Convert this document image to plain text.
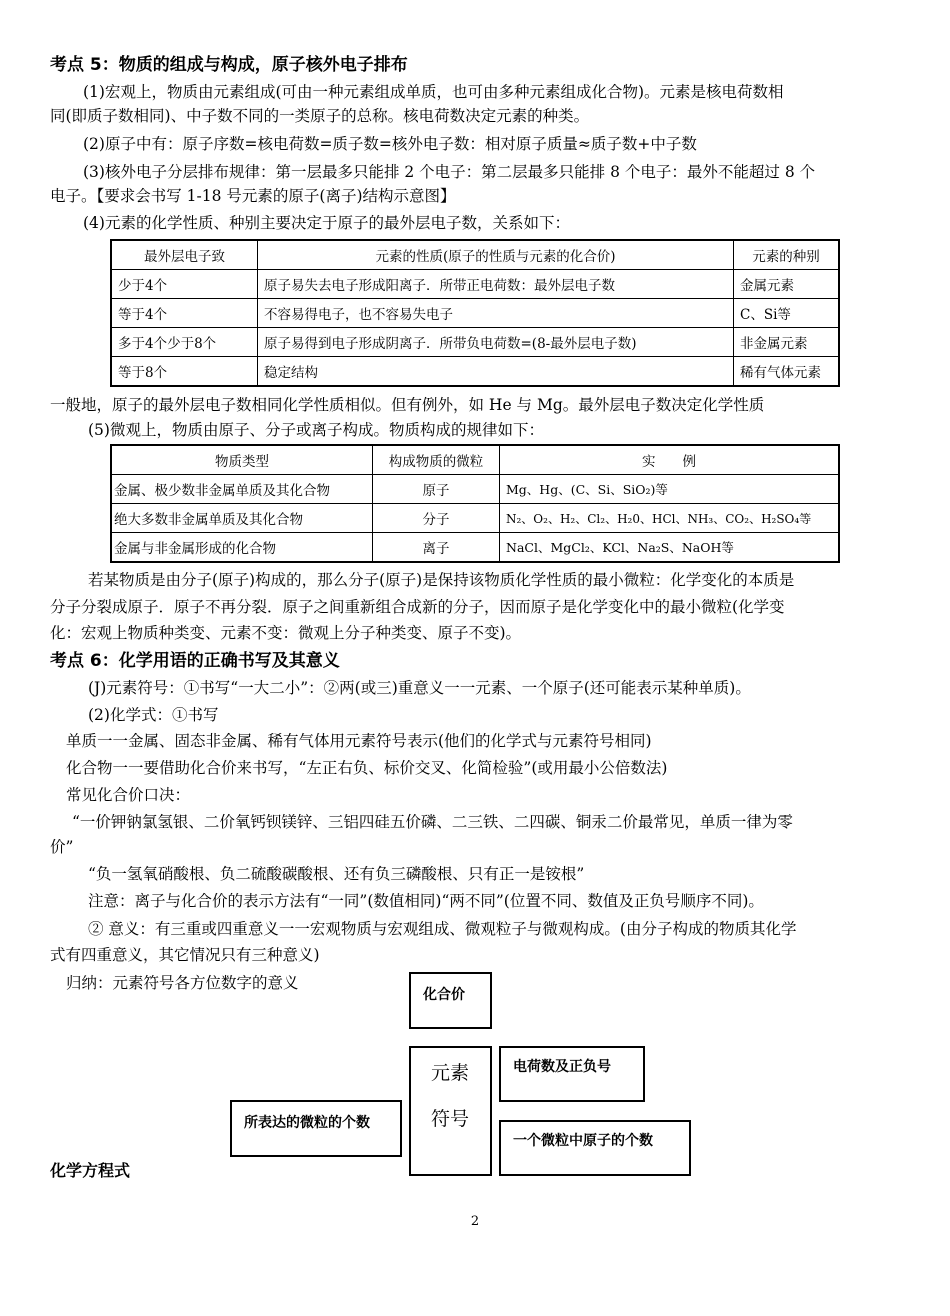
考点 5：物质的组成与构成，原子核外电子排布
(1)宏观上，物质由元素组成(可由一种元素组成单质，也可由多种元素组成化合物)。元素是核电荷数相
同(即质子数相同)、中子数不同的一类原子的总称。核电荷数决定元素的种类。
(2)原子中有：原子序数=核电荷数=质子数=核外电子数：相对原子质量≈质子数+中子数
(3)核外电子分层排布规律：第一层最多只能排 2 个电子：第二层最多只能排 8 个电子：最外不能超过 8 个
电子。【要求会书写 1-18 号元素的原子(离子)结构示意图】
(4)元素的化学性质、种别主要决定于原子的最外层电子数，关系如下：
最外层电子致	元素的性质(原子的性质与元素的化合价)	元素的种别
少于4个	原子易失去电子形成阳离子．所带正电荷数：最外层电子数	金属元素
等于4个	不容易得电子，也不容易失电子	C、Si等
多于4个少于8个	原子易得到电子形成阴离子．所带负电荷数=(8-最外层电子数)	非金属元素
等于8个	稳定结构	稀有气体元素
一般地，原子的最外层电子数相同化学性质相似。但有例外，如 He 与 Mg。最外层电子数决定化学性质
(5)微观上，物质由原子、分子或离子构成。物质构成的规律如下：
物质类型	构成物质的微粒	实　　例
金属、极少数非金属单质及其化合物	原子	Mg、Hg、(C、Si、SiO₂)等
绝大多数非金属单质及其化合物	分子	N₂、O₂、H₂、Cl₂、H₂0、HCl、NH₃、CO₂、H₂SO₄等
金属与非金属形成的化合物	离子	NaCl、MgCl₂、KCl、Na₂S、NaOH等
若某物质是由分子(原子)构成的，那么分子(原子)是保持该物质化学性质的最小微粒：化学变化的本质是
分子分裂成原子．原子不再分裂．原子之间重新组合成新的分子，因而原子是化学变化中的最小微粒(化学变
化：宏观上物质种类变、元素不变：微观上分子种类变、原子不变)。
考点 6：化学用语的正确书写及其意义
(J)元素符号：①书写“一大二小”：②两(或三)重意义一一元素、一个原子(还可能表示某种单质)。
(2)化学式：①书写
单质一一金属、固态非金属、稀有气体用元素符号表示(他们的化学式与元素符号相同)
化合物一一要借助化合价来书写，“左正右负、标价交叉、化简检验”(或用最小公倍数法)
常见化合价口决：
“一价钾钠氯氢银、二价氧钙钡镁锌、三铝四硅五价磷、二三铁、二四碳、铜汞二价最常见，单质一律为零
价”
“负一氢氧硝酸根、负二硫酸碳酸根、还有负三磷酸根、只有正一是铵根”
注意：离子与化合价的表示方法有“一同”(数值相同)“两不同”(位置不同、数值及正负号顺序不同)。
② 意义：有三重或四重意义一一宏观物质与宏观组成、微观粒子与微观构成。(由分子构成的物质其化学
式有四重意义，其它情况只有三种意义)
归纳：元素符号各方位数字的意义
化合价
元素
符号
电荷数及正负号
所表达的微粒的个数
一个微粒中原子的个数
化学方程式
2
